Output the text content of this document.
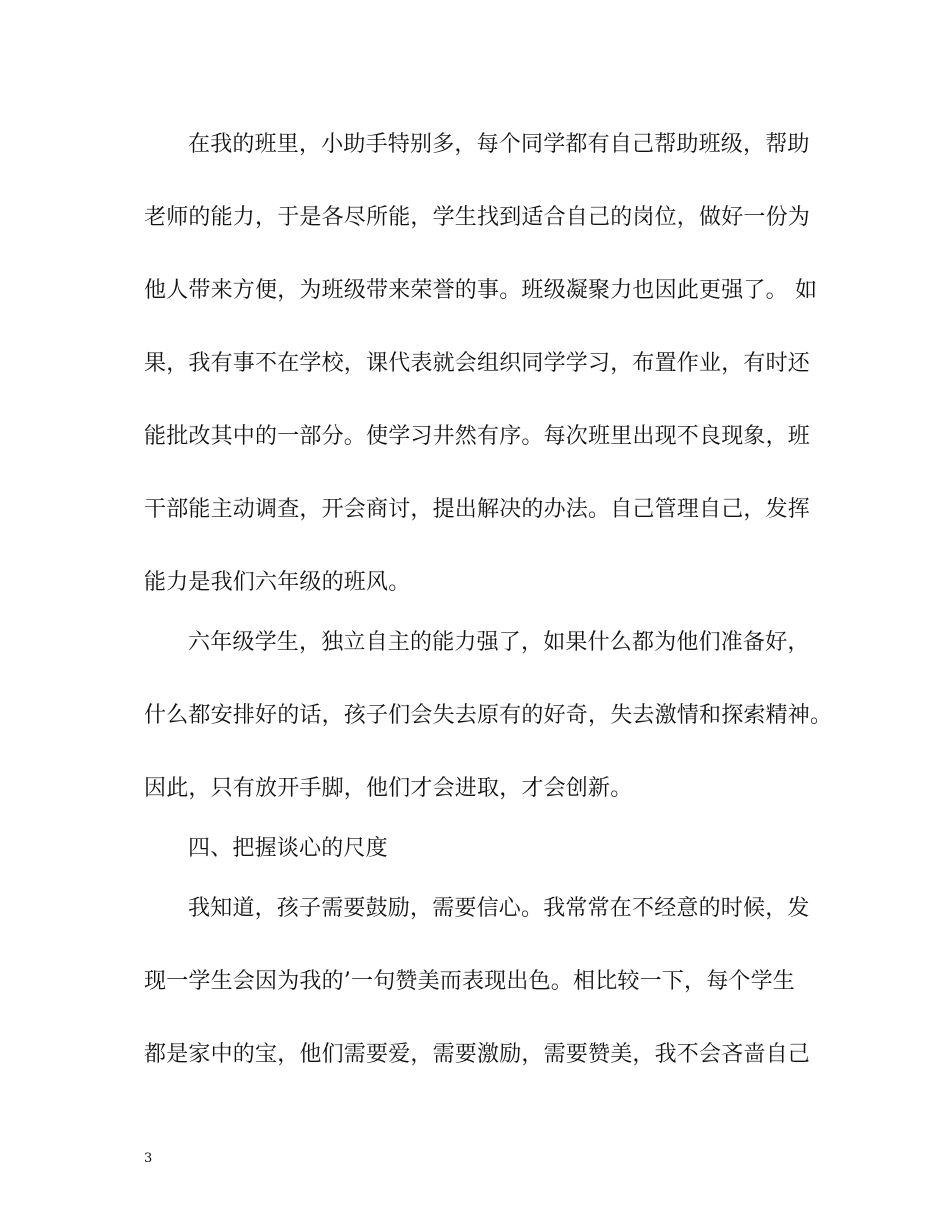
在我的班里，小助手特别多，每个同学都有自己帮助班级，帮助
老师的能力，于是各尽所能，学生找到适合自己的岗位，做好一份为
他人带来方便，为班级带来荣誉的事。班级凝聚力也因此更强了。 如
果，我有事不在学校，课代表就会组织同学学习，布置作业，有时还
能批改其中的一部分。使学习井然有序。每次班里出现不良现象，班
干部能主动调查，开会商讨，提出解决的办法。自己管理自己，发挥
能力是我们六年级的班风。
六年级学生，独立自主的能力强了，如果什么都为他们准备好，
什么都安排好的话，孩子们会失去原有的好奇，失去激情和探索精神。
因此，只有放开手脚，他们才会进取，才会创新。
四、把握谈心的尺度
我知道，孩子需要鼓励，需要信心。我常常在不经意的时候，发
现一学生会因为我的’一句赞美而表现出色。相比较一下，每个学生
都是家中的宝，他们需要爱，需要激励，需要赞美，我不会吝啬自己
3
